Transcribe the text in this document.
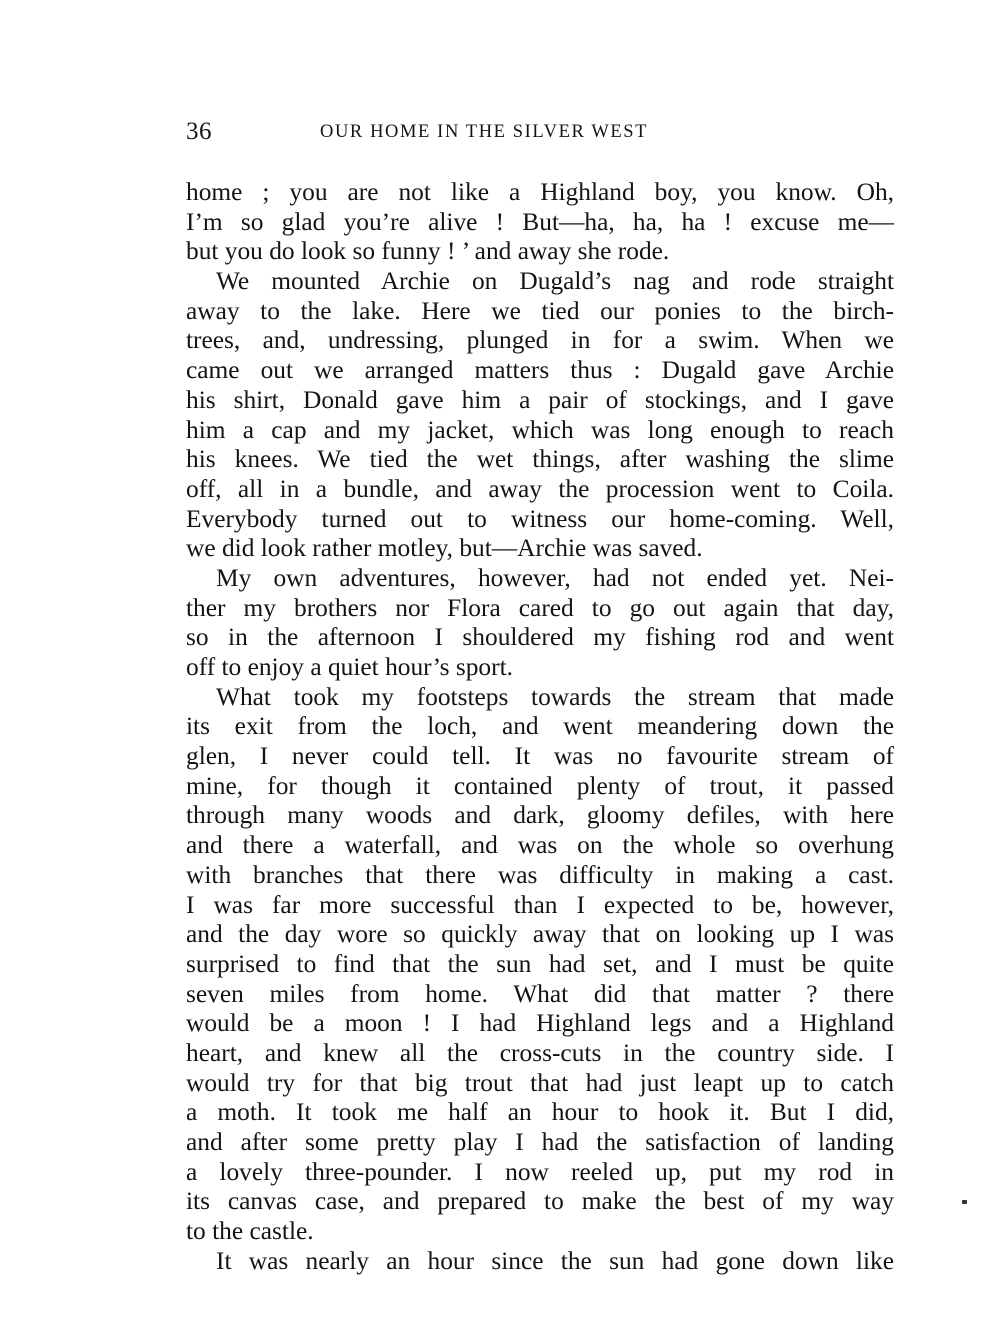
36	OUR HOME IN THE SILVER WEST
home ; you are not like a Highland boy, you know. Oh,
I’m so glad you’re alive ! But—ha, ha, ha ! excuse me—
but you do look so funny ! ’ and away she rode.
We mounted Archie on Dugald’s nag and rode straight
away to the lake. Here we tied our ponies to the birch-
trees, and, undressing, plunged in for a swim. When we
came out we arranged matters thus : Dugald gave Archie
his shirt, Donald gave him a pair of stockings, and I gave
him a cap and my jacket, which was long enough to reach
his knees. We tied the wet things, after washing the slime
off, all in a bundle, and away the procession went to Coila.
Everybody turned out to witness our home-coming. Well,
we did look rather motley, but—Archie was saved.
My own adventures, however, had not ended yet. Nei-
ther my brothers nor Flora cared to go out again that day,
so in the afternoon I shouldered my fishing rod and went
off to enjoy a quiet hour’s sport.
What took my footsteps towards the stream that made
its exit from the loch, and went meandering down the
glen, I never could tell. It was no favourite stream of
mine, for though it contained plenty of trout, it passed
through many woods and dark, gloomy defiles, with here
and there a waterfall, and was on the whole so overhung
with branches that there was difficulty in making a cast.
I was far more successful than I expected to be, however,
and the day wore so quickly away that on looking up I was
surprised to find that the sun had set, and I must be quite
seven miles from home. What did that matter ? there
would be a moon ! I had Highland legs and a Highland
heart, and knew all the cross-cuts in the country side. I
would try for that big trout that had just leapt up to catch
a moth. It took me half an hour to hook it. But I did,
and after some pretty play I had the satisfaction of landing
a lovely three-pounder. I now reeled up, put my rod in
its canvas case, and prepared to make the best of my way
to the castle.
It was nearly an hour since the sun had gone down like
